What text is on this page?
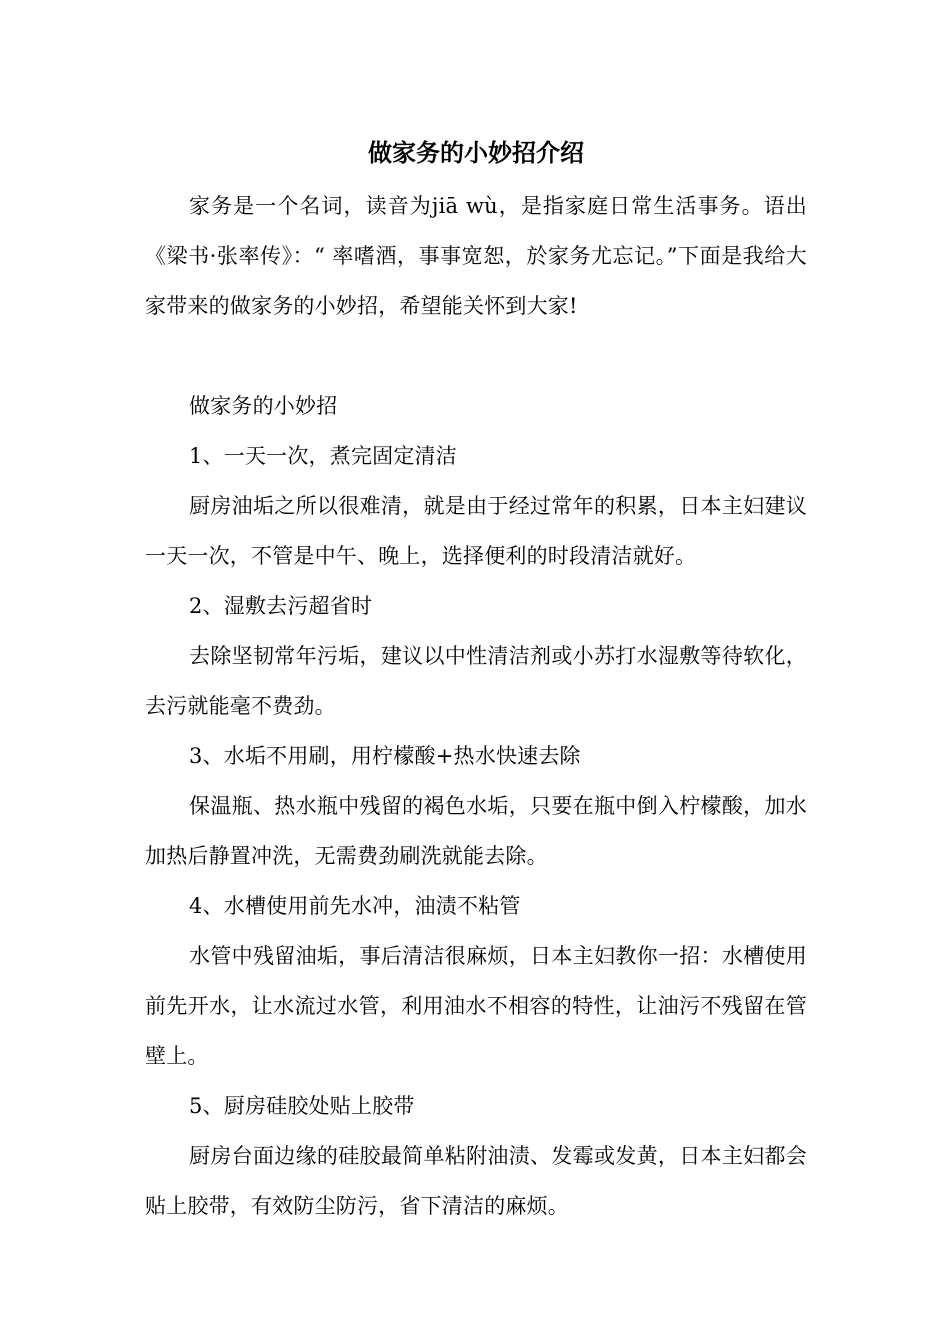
做家务的小妙招介绍

家务是一个名词，读音为jiā wù，是指家庭日常生活事务。语出《梁书·张率传》：“ 率嗜酒，事事宽恕，於家务尤忘记。”下面是我给大家带来的做家务的小妙招，希望能关怀到大家!

做家务的小妙招

1、一天一次，煮完固定清洁

厨房油垢之所以很难清，就是由于经过常年的积累，日本主妇建议一天一次，不管是中午、晚上，选择便利的时段清洁就好。

2、湿敷去污超省时

去除坚韧常年污垢，建议以中性清洁剂或小苏打水湿敷等待软化，去污就能毫不费劲。

3、水垢不用刷，用柠檬酸+热水快速去除

保温瓶、热水瓶中残留的褐色水垢，只要在瓶中倒入柠檬酸，加水加热后静置冲洗，无需费劲刷洗就能去除。

4、水槽使用前先水冲，油渍不粘管

水管中残留油垢，事后清洁很麻烦，日本主妇教你一招：水槽使用前先开水，让水流过水管，利用油水不相容的特性，让油污不残留在管壁上。

5、厨房硅胶处贴上胶带

厨房台面边缘的硅胶最简单粘附油渍、发霉或发黄，日本主妇都会贴上胶带，有效防尘防污，省下清洁的麻烦。
